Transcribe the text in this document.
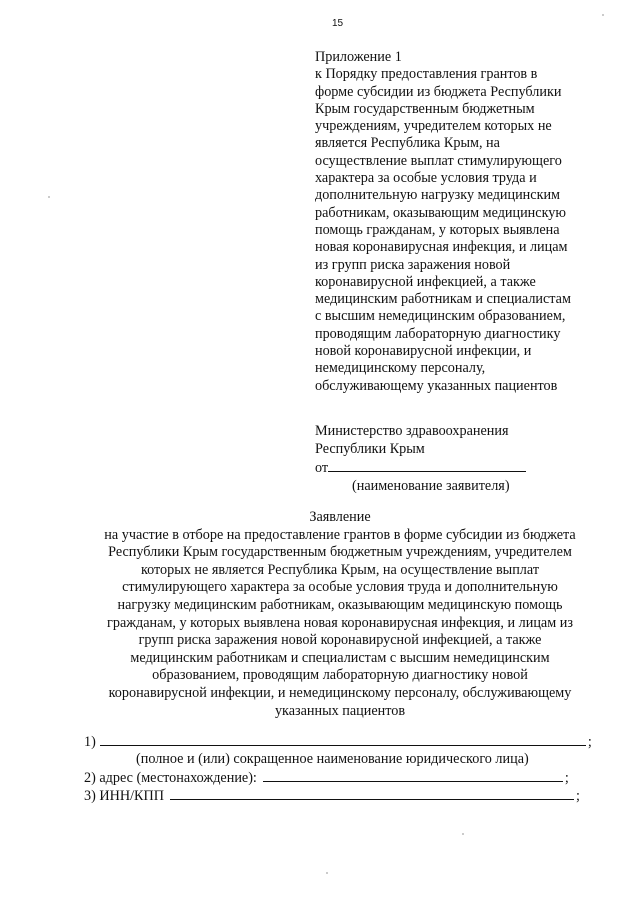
15
Приложение 1
к Порядку предоставления грантов в
форме субсидии из бюджета Республики
Крым государственным бюджетным
учреждениям, учредителем которых не
является Республика Крым, на
осуществление выплат стимулирующего
характера за особые условия труда и
дополнительную нагрузку медицинским
работникам, оказывающим медицинскую
помощь гражданам, у которых выявлена
новая коронавирусная инфекция, и лицам
из групп риска заражения новой
коронавирусной инфекцией, а также
медицинским работникам и специалистам
с высшим немедицинским образованием,
проводящим лабораторную диагностику
новой коронавирусной инфекции, и
немедицинскому персоналу,
обслуживающему указанных пациентов
Министерство здравоохранения
Республики Крым
от
(наименование заявителя)
Заявление
на участие в отборе на предоставление грантов в форме субсидии из бюджета
Республики Крым государственным бюджетным учреждениям, учредителем
которых не является Республика Крым, на осуществление выплат
стимулирующего характера за особые условия труда и дополнительную
нагрузку медицинским работникам, оказывающим медицинскую помощь
гражданам, у которых выявлена новая коронавирусная инфекция, и лицам из
групп риска заражения новой коронавирусной инфекцией, а также
медицинским работникам и специалистам с высшим немедицинским
образованием, проводящим лабораторную диагностику новой
коронавирусной инфекции, и немедицинскому персоналу, обслуживающему
указанных пациентов
1)	;
(полное и (или) сокращенное наименование юридического лица)
2) адрес (местонахождение):	;
3) ИНН/КПП	;
